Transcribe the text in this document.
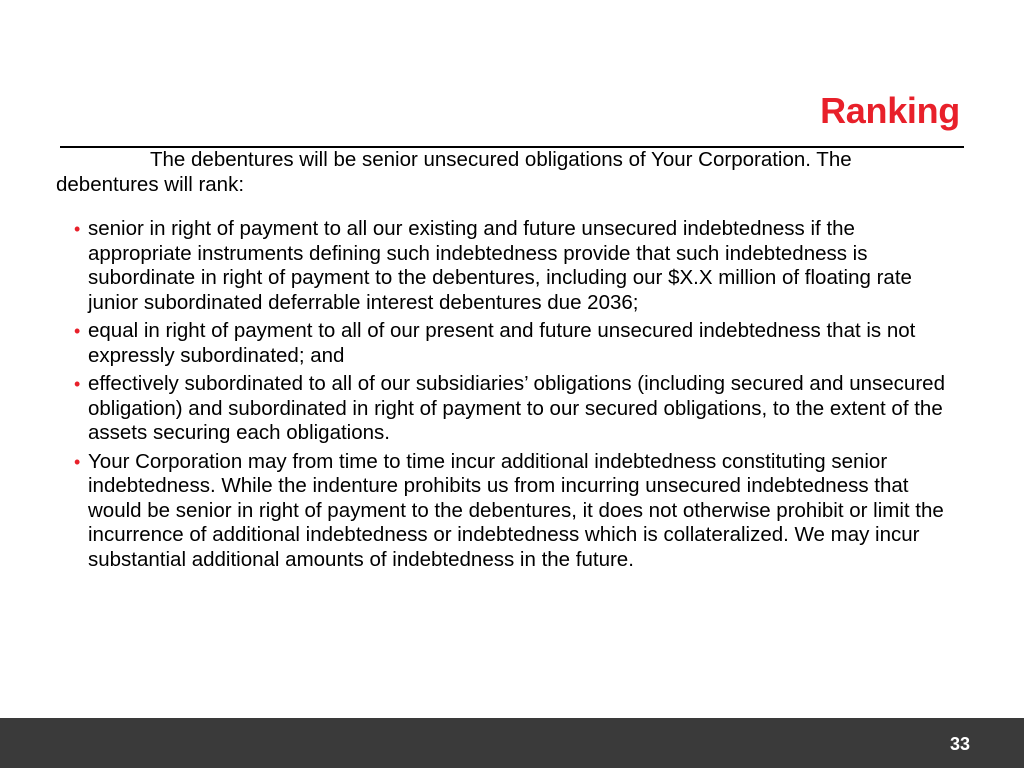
Ranking

The debentures will be senior unsecured obligations of Your Corporation. The debentures will rank:

• senior in right of payment to all our existing and future unsecured indebtedness if the appropriate instruments defining such indebtedness provide that such indebtedness is subordinate in right of payment to the debentures, including our $X.X million of floating rate junior subordinated deferrable interest debentures due 2036;
• equal in right of payment to all of our present and future unsecured indebtedness that is not expressly subordinated; and
• effectively subordinated to all of our subsidiaries’ obligations (including secured and unsecured obligation) and subordinated in right of payment to our secured obligations, to the extent of the assets securing each obligations.
• Your Corporation may from time to time incur additional indebtedness constituting senior indebtedness. While the indenture prohibits us from incurring unsecured indebtedness that would be senior in right of payment to the debentures, it does not otherwise prohibit or limit the incurrence of additional indebtedness or indebtedness which is collateralized. We may incur substantial additional amounts of indebtedness in the future.
33
